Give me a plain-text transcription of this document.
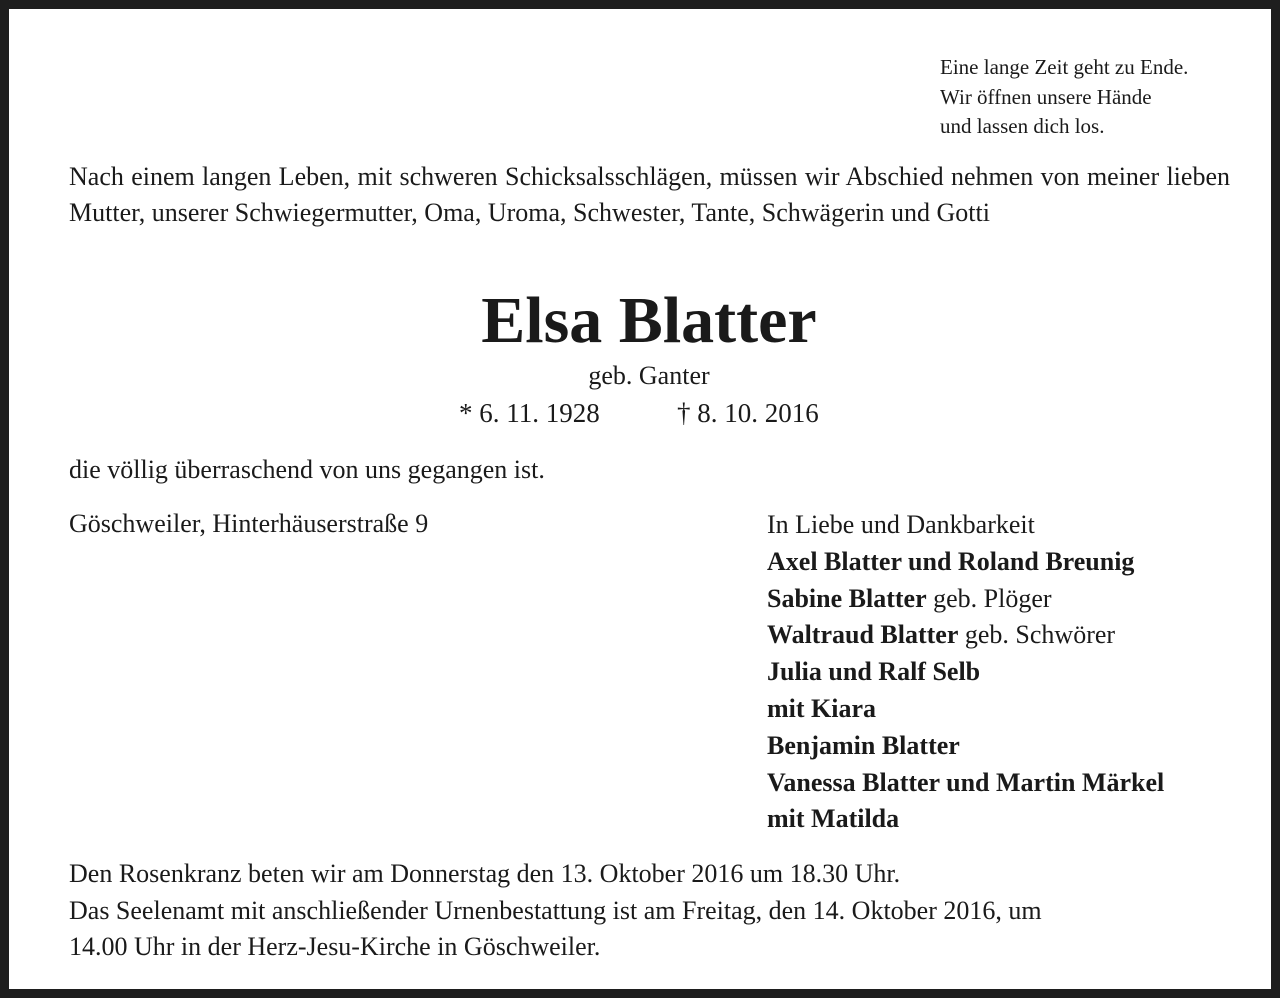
Eine lange Zeit geht zu Ende.
Wir öffnen unsere Hände
und lassen dich los.
Nach einem langen Leben, mit schweren Schicksalsschlägen, müssen wir Abschied nehmen von meiner lieben Mutter, unserer Schwiegermutter, Oma, Uroma, Schwester, Tante, Schwägerin und Gotti
Elsa Blatter
geb. Ganter
* 6. 11. 1928	† 8. 10. 2016
die völlig überraschend von uns gegangen ist.
Göschweiler, Hinterhäuserstraße 9	In Liebe und Dankbarkeit
Axel Blatter und Roland Breunig
Sabine Blatter geb. Plöger
Waltraud Blatter geb. Schwörer
Julia und Ralf Selb
mit Kiara
Benjamin Blatter
Vanessa Blatter und Martin Märkel
mit Matilda
Den Rosenkranz beten wir am Donnerstag den 13. Oktober 2016 um 18.30 Uhr.
Das Seelenamt mit anschließender Urnenbestattung ist am Freitag, den 14. Oktober 2016, um
14.00 Uhr in der Herz-Jesu-Kirche in Göschweiler.
